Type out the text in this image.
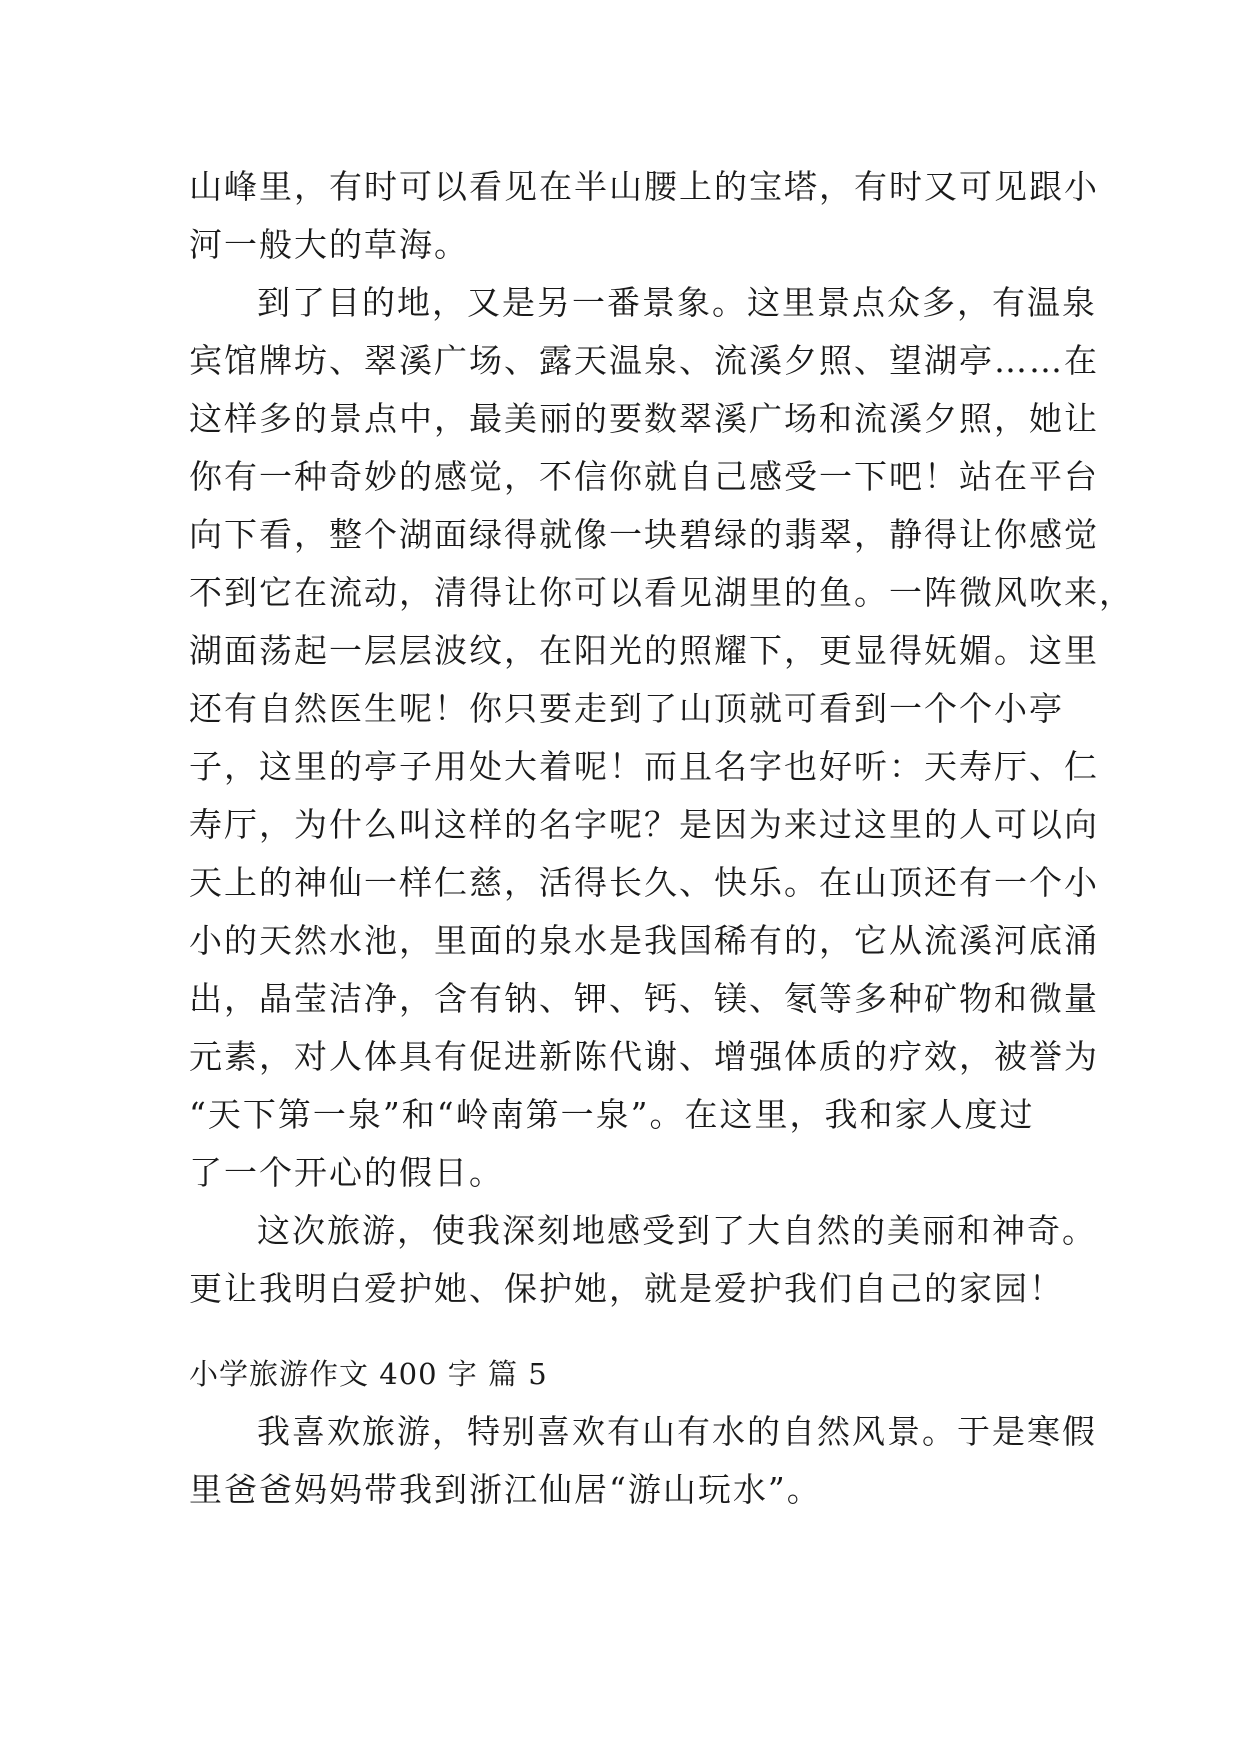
山峰里，有时可以看见在半山腰上的宝塔，有时又可见跟小
河一般大的草海。
到了目的地，又是另一番景象。这里景点众多，有温泉
宾馆牌坊、翠溪广场、露天温泉、流溪夕照、望湖亭……在
这样多的景点中，最美丽的要数翠溪广场和流溪夕照，她让
你有一种奇妙的感觉，不信你就自己感受一下吧！站在平台
向下看，整个湖面绿得就像一块碧绿的翡翠，静得让你感觉
不到它在流动，清得让你可以看见湖里的鱼。一阵微风吹来，
湖面荡起一层层波纹，在阳光的照耀下，更显得妩媚。这里
还有自然医生呢！你只要走到了山顶就可看到一个个小亭
子，这里的亭子用处大着呢！而且名字也好听：天寿厅、仁
寿厅，为什么叫这样的名字呢？是因为来过这里的人可以向
天上的神仙一样仁慈，活得长久、快乐。在山顶还有一个小
小的天然水池，里面的泉水是我国稀有的，它从流溪河底涌
出，晶莹洁净，含有钠、钾、钙、镁、氡等多种矿物和微量
元素，对人体具有促进新陈代谢、增强体质的疗效，被誉为
“天下第一泉”和“岭南第一泉”。在这里，我和家人度过
了一个开心的假日。
这次旅游，使我深刻地感受到了大自然的美丽和神奇。
更让我明白爱护她、保护她，就是爱护我们自己的家园！
小学旅游作文 400 字 篇 5
我喜欢旅游，特别喜欢有山有水的自然风景。于是寒假
里爸爸妈妈带我到浙江仙居“游山玩水”。
